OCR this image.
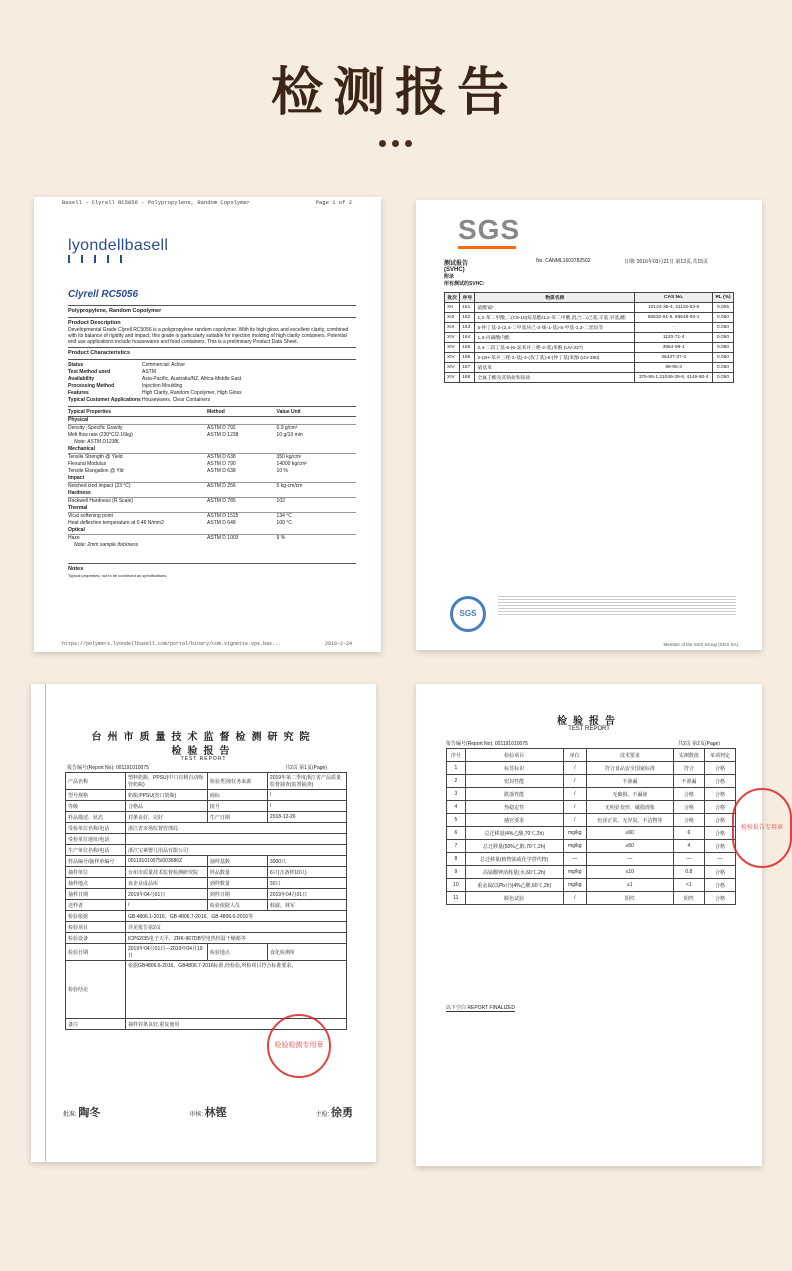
检测报告
Basell - Clyrell RC5056 - Polypropylene, Random Copolymer	Page 1 of 2
lyondellbasell
Clyrell RC5056
Polypropylene, Random Copolymer
Product Description

Developmental Grade Clyrell RC5056 is a polypropylene random copolymer. With its high gloss and excellent clarity, combined with its balance of rigidity and impact, this grade is particularly suitable for injection molding of high clarity containers. Potential end use applications include housewares and food containers. This is a preliminary Product Data Sheet.

Product Characteristics
Status	Commercial: Active
Test Method used	ASTM
Availability	Asia-Pacific, Australia/NZ, Africa-Middle East
Processing Method	Injection Moulding
Features	High Clarity, Random Copolymer, High Gloss
Typical Customer Applications Housewares, Clear Containers
Typical Properties	Method	Value Unit
Physical
Density -Specific Gravity	ASTM D 792	0.9 g/cm³
Melt flow rate (230°C/2.16kg)	ASTM D 1238	10 g/10 min
Note: ASTM D1238L
Mechanical
Tensile Strength @ Yield	ASTM D 638	350 kg/cm²
Flexural Modulus	ASTM D 790	14000 kg/cm²
Tensile Elongation @ Yld	ASTM D 638	10 %
Impact
Notched izod impact (23 °C)	ASTM D 256	5 kg-cm/cm
Hardness
Rockwell Hardness (R Scale)	ASTM D 785	102
Thermal
Vicat softening point	ASTM D 1525	134 °C
Heat deflection temperature at 0.46 N/mm2	ASTM D 648	100 °C
Optical
Haze	ASTM D 1003	9 %
Note: 2mm sample thickness
Notes

Typical properties; not to be construed as specifications.

https://polymers.lyondellbasell.com/portal/binary/com.vignette.vps.bas...	2010-2-24
SGS
测试报告
(SVHC)
No. CANML1603782502	日期: 2016年03月21日 第13页,共15页
附录
所有测试的SVHC:
批次	序号	物质名称	CAS No.	RL (%)
XII	161	硫酸镉*	10124-36-4, 31119-53-6	0.005
XIII	162	1,2-苯二甲酸,二(C6-10)烷基酯/1,2-苯二甲酸,混合二(己基,辛基,癸基)酯	68515-51-5, 68648-93-1	0.050
XIII	163	5-仲丁基-2-(2,4-二甲基环己-3-烯-1-基)-5-甲基-1,3-二恶烷等	-	0.050
XIV	164	1,3-丙磺酸内酯	1120-71-4	0.050
XIV	165	2,4-二叔丁基-6-(5-氯苯并三唑-2-基)苯酚 (UV-327)	3864-99-1	0.050
XIV	166	2-(2H-苯并三唑-2-基)-4-(叔丁基)-6-(仲丁基)苯酚 (UV-350)	36437-37-3	0.050
XIV	167	硝基苯	98-95-3	0.050
XIV	168	全氟壬酸及其钠盐和铵盐	375-95-1,21049-39-8, 4149-60-4	0.050
SGS
Member of the SGS Group (SGS SA)
台州市质量技术监督检测研究院
检验报告
TEST REPORT
报告编号(Report No): 001191010075	共2页 第1页(Page)
产品名称	塑料奶瓶、PPSU(中口有柄自动吸管奶瓶)	检验类别/任务来源	2019年第二季度浙江省产品质量监督抽查(监督抽查)
型号规格	奶瓶:PPSU(宽口奶瓶)	商标	/
等级	合格品	批号	/
样品描述、状态	封条良好、完好	生产日期	2018-12-26
受检单位名称/电话	浙江省市场监督管理局		
受检单位地址/电话			
生产单位名称/电话	浙江宝素婴儿用品有限公司		
样品编号/抽样单编号	001191010075/003686Z	抽样基数	3000只
抽样单位	台州市质量技术监督检测研究院	样品数量	6只(含备样10只)
抽样地点	该企业成品库	到样数量	30只
抽样日期	2019年04月01日	到样日期	2019年04月01日
送样者	/	检验依据人员	韩淑、林军
检验依据	GB 4806.1-2016、GB 4806.7-2016、GB 4806.6-2016等		
检验项目	详见报告第2页		
检验设备	ICP62/35电子天平、ZRK-967DB型电热恒温干燥箱等		
检验日期	2019年04月01日—2019年04月19日	检验地点	食化检测所
检验结论	依据GB4806.6-2016、GB4806.7-2016标准,经检验,所检项目符合标准要求。		
备注	抽样封条良好,重复使用		
检验检测专用章
批准: 陶冬	审核: 林铿	主检: 徐勇
检验报告
TEST REPORT
报告编号(Report No): 001191010075	共2页 第2页(Page)
序号	检验项目	单位	技术要求	实测数值	单项判定
1	标签标识	/	符合食品安全国家标准	符合	合格
2	密封性能	/	不渗漏	不渗漏	合格
3	跌落性能	/	无破损、不漏液	合格	合格
4	热稳定性	/	无明显变形、破损现象	合格	合格
5	感官要求	/	色泽正常、无异臭、不洁物等	合格	合格
6	总迁移量(4%乙酸,70℃,2h)	mg/kg	≤60	6	合格
7	总迁移量(50%乙醇,70℃,2h)	mg/kg	≤60	4	合格
8	总迁移量(植物油或化学替代物)	—	—	—	—
9	高锰酸钾消耗量(水,60℃,2h)	mg/kg	≤10	0.8	合格
10	重金属(以Pb计)(4%乙酸,60℃,2h)	mg/kg	≤1	<1	合格
11	脱色试验	/	阴性	阴性	合格
以下空白 REPORT FINALIZED
检验报告专用章
